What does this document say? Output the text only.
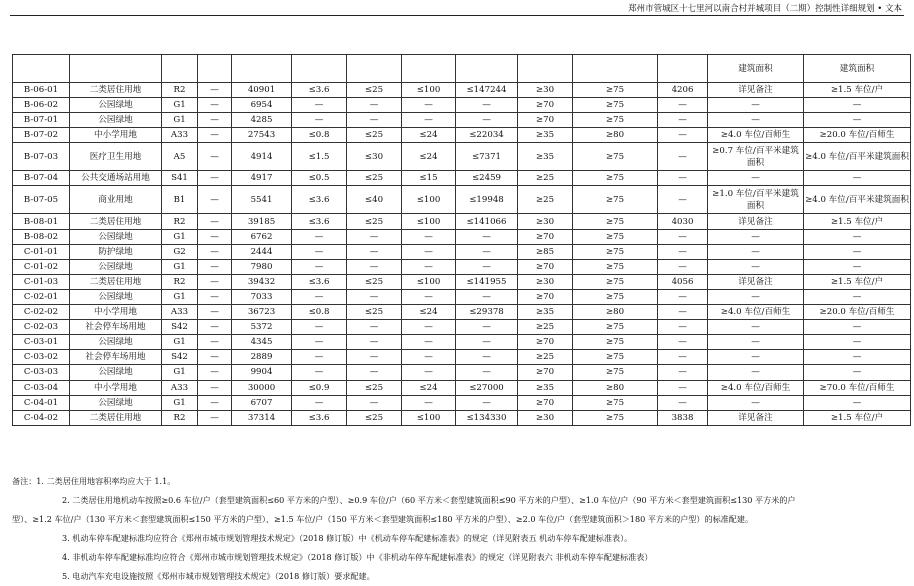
郑州市管城区十七里河以南合村并城项目（二期）控制性详细规划 • 文本
												建筑面积	建筑面积
B-06-01	二类居住用地	R2	—	40901	≤3.6	≤25	≤100	≤147244	≥30	≥75	4206	详见备注	≥1.5 车位/户
B-06-02	公园绿地	G1	—	6954	—	—	—	—	≥70	≥75	—	—	—
B-07-01	公园绿地	G1	—	4285	—	—	—	—	≥70	≥75	—	—	—
B-07-02	中小学用地	A33	—	27543	≤0.8	≤25	≤24	≤22034	≥35	≥80	—	≥4.0 车位/百师生	≥20.0 车位/百师生
B-07-03	医疗卫生用地	A5	—	4914	≤1.5	≤30	≤24	≤7371	≥35	≥75	—	≥0.7 车位/百平米建筑面积	≥4.0 车位/百平米建筑面积
B-07-04	公共交通场站用地	S41	—	4917	≤0.5	≤25	≤15	≤2459	≥25	≥75	—	—	—
B-07-05	商业用地	B1	—	5541	≤3.6	≤40	≤100	≤19948	≥25	≥75	—	≥1.0 车位/百平米建筑面积	≥4.0 车位/百平米建筑面积
B-08-01	二类居住用地	R2	—	39185	≤3.6	≤25	≤100	≤141066	≥30	≥75	4030	详见备注	≥1.5 车位/户
B-08-02	公园绿地	G1	—	6762	—	—	—	—	≥70	≥75	—	—	—
C-01-01	防护绿地	G2	—	2444	—	—	—	—	≥85	≥75	—	—	—
C-01-02	公园绿地	G1	—	7980	—	—	—	—	≥70	≥75	—	—	—
C-01-03	二类居住用地	R2	—	39432	≤3.6	≤25	≤100	≤141955	≥30	≥75	4056	详见备注	≥1.5 车位/户
C-02-01	公园绿地	G1	—	7033	—	—	—	—	≥70	≥75	—	—	—
C-02-02	中小学用地	A33	—	36723	≤0.8	≤25	≤24	≤29378	≥35	≥80	—	≥4.0 车位/百师生	≥20.0 车位/百师生
C-02-03	社会停车场用地	S42	—	5372	—	—	—	—	≥25	≥75	—	—	—
C-03-01	公园绿地	G1	—	4345	—	—	—	—	≥70	≥75	—	—	—
C-03-02	社会停车场用地	S42	—	2889	—	—	—	—	≥25	≥75	—	—	—
C-03-03	公园绿地	G1	—	9904	—	—	—	—	≥70	≥75	—	—	—
C-03-04	中小学用地	A33	—	30000	≤0.9	≤25	≤24	≤27000	≥35	≥80	—	≥4.0 车位/百师生	≥70.0 车位/百师生
C-04-01	公园绿地	G1	—	6707	—	—	—	—	≥70	≥75	—	—	—
C-04-02	二类居住用地	R2	—	37314	≤3.6	≤25	≤100	≤134330	≥30	≥75	3838	详见备注	≥1.5 车位/户
备注：1. 二类居住用地容积率均应大于 1.1。
2. 二类居住用地机动车按照≥0.6 车位/户（套型建筑面积≤60 平方米的户型）、≥0.9 车位/户（60 平方米＜套型建筑面积≤90 平方米的户型）、≥1.0 车位/户（90 平方米＜套型建筑面积≤130 平方米的户
型）、≥1.2 车位/户（130 平方米＜套型建筑面积≤150 平方米的户型）、≥1.5 车位/户（150 平方米＜套型建筑面积≤180 平方米的户型）、≥2.0 车位/户（套型建筑面积＞180 平方米的户型）的标准配建。
3. 机动车停车配建标准均应符合《郑州市城市规划管理技术规定》（2018 修订版）中《机动车停车配建标准表》的规定（详见附表五 机动车停车配建标准表）。
4. 非机动车停车配建标准均应符合《郑州市城市规划管理技术规定》（2018 修订版）中《非机动车停车配建标准表》的规定（详见附表六 非机动车停车配建标准表）
5. 电动汽车充电设施按照《郑州市城市规划管理技术规定》（2018 修订版）要求配建。
